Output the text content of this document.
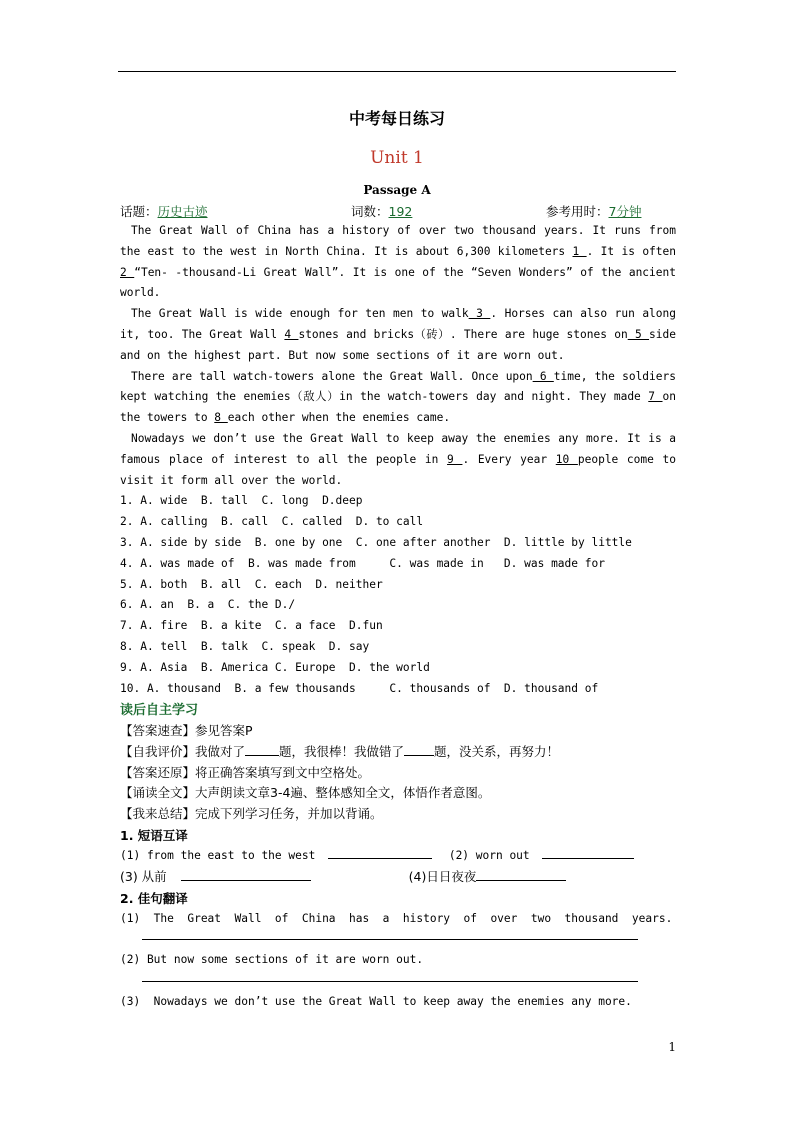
中考每日练习
Unit 1
Passage A
话题：历史古迹	词数：192	参考用时：7分钟
The Great Wall of China has a history of over two thousand years. It runs from the east to the west in North China. It is about 6,300 kilometers 1 . It is often 2 “Ten- -thousand-Li Great Wall”. It is one of the “Seven Wonders” of the ancient world.
The Great Wall is wide enough for ten men to walk 3 . Horses can also run along it, too. The Great Wall 4 stones and bricks（砖）. There are huge stones on 5 side and on the highest part. But now some sections of it are worn out.
There are tall watch-towers alone the Great Wall. Once upon 6 time, the soldiers kept watching the enemies（敌人）in the watch-towers day and night. They made 7 on the towers to 8 each other when the enemies came.
Nowadays we don’t use the Great Wall to keep away the enemies any more. It is a famous place of interest to all the people in 9 . Every year 10 people come to visit it form all over the world.
1. A. wide  B. tall  C. long  D.deep
2. A. calling  B. call  C. called  D. to call
3. A. side by side  B. one by one  C. one after another  D. little by little
4. A. was made of  B. was made from     C. was made in   D. was made for
5. A. both  B. all  C. each  D. neither
6. A. an  B. a  C. the D./
7. A. fire  B. a kite  C. a face  D.fun
8. A. tell  B. talk  C. speak  D. say
9. A. Asia  B. America C. Europe  D. the world
10. A. thousand  B. a few thousands     C. thousands of  D. thousand of
读后自主学习
【答案速查】参见答案P
【自我评价】我做对了	题，我很棒！我做错了 题，没关系，再努力！
【答案还原】将正确答案填写到文中空格处。
【诵读全文】大声朗读文章3-4遍、整体感知全文，体悟作者意图。
【我来总结】完成下列学习任务，并加以背诵。
1. 短语互译
(1) from the east to the west	(2) worn out
(3) 从前	(4)日日夜夜
2. 佳句翻译
(1)  The  Great  Wall  of  China  has  a  history  of  over  two  thousand  years.
(2) But now some sections of it are worn out.
(3)  Nowadays we don’t use the Great Wall to keep away the enemies any more.
1
